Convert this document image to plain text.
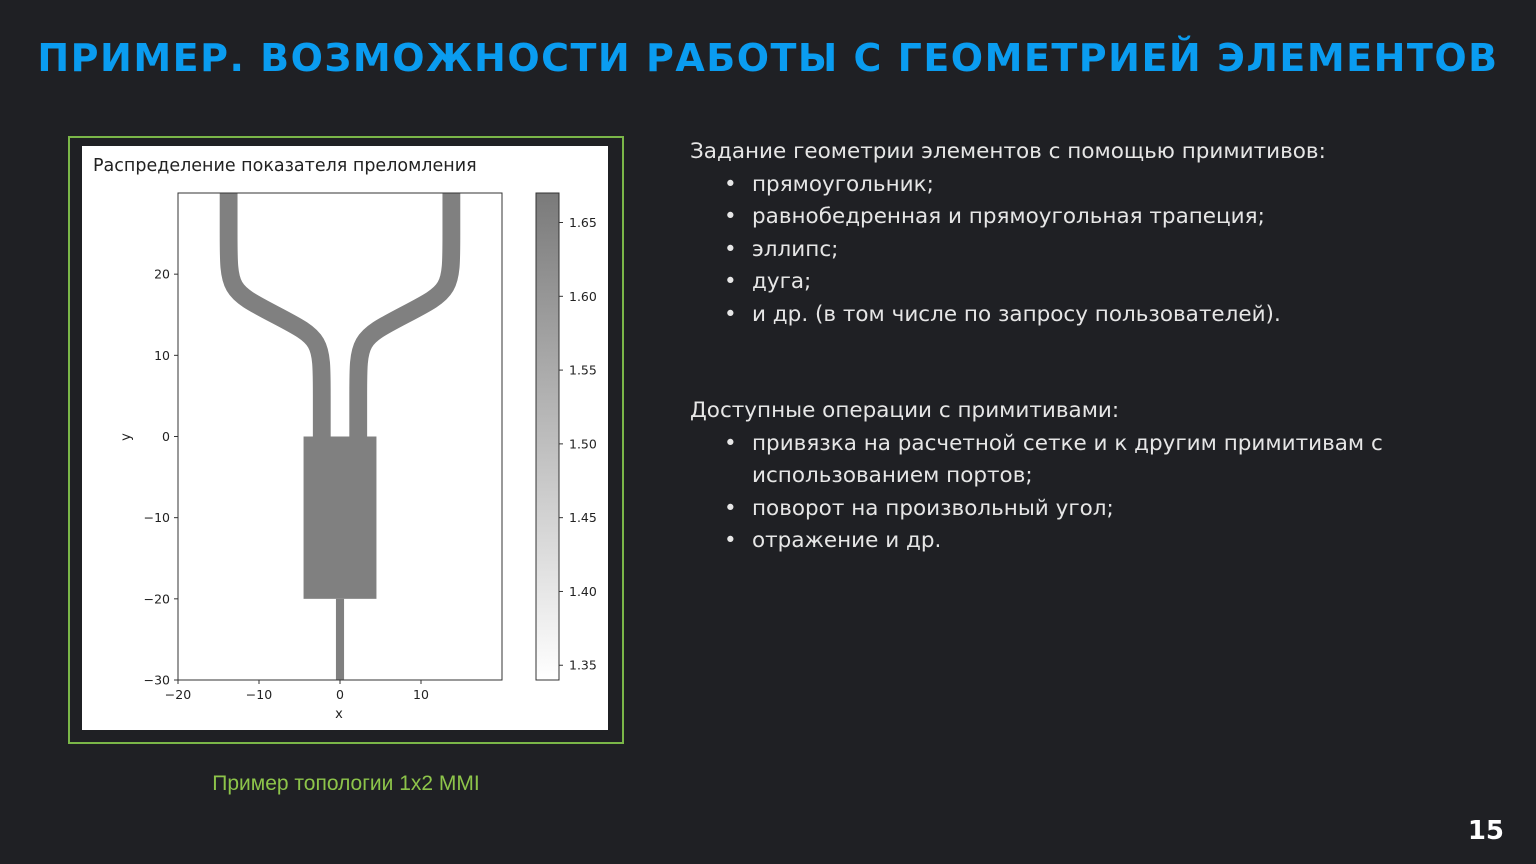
ПРИМЕР. ВОЗМОЖНОСТИ РАБОТЫ С ГЕОМЕТРИЕЙ ЭЛЕМЕНТОВ
Распределение показателя преломления
x
y
−20	−10	0	10
20
10
0
−10
−20
−30
1.65
1.60
1.55
1.50
1.45
1.40
1.35
Пример топологии 1x2 MMI

Задание геометрии элементов с помощью примитивов:

• прямоугольник;
• равнобедренная и прямоугольная трапеция;
• эллипс;
• дуга;
• и др. (в том числе по запросу пользователей).

Доступные операции с примитивами:

• привязка на расчетной сетке и к другим примитивам с использованием портов;
• поворот на произвольный угол;
• отражение и др.
15
